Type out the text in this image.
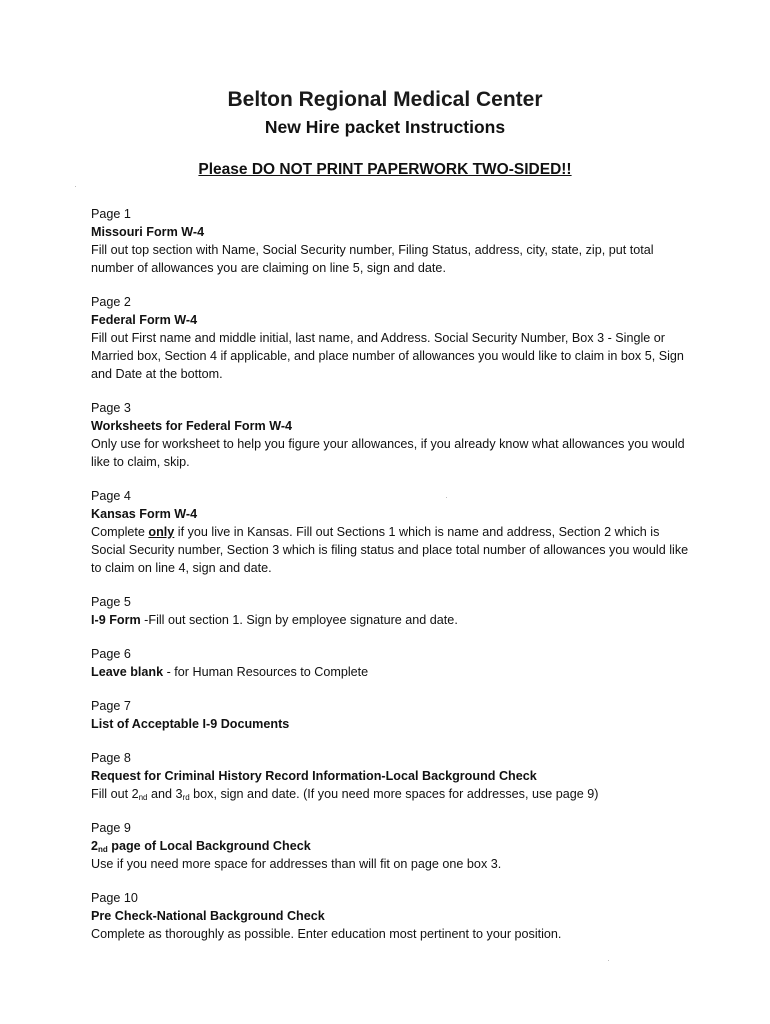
Belton Regional Medical Center
New Hire packet Instructions
Please DO NOT PRINT PAPERWORK TWO-SIDED!!

Page 1

Missouri Form W-4

Fill out top section with Name, Social Security number, Filing Status, address, city, state, zip, put total number of allowances you are claiming on line 5, sign and date.

Page 2

Federal Form W-4

Fill out First name and middle initial, last name, and Address. Social Security Number, Box 3 - Single or Married box, Section 4 if applicable, and place number of allowances you would like to claim in box 5, Sign and Date at the bottom.

Page 3

Worksheets for Federal Form W-4

Only use for worksheet to help you figure your allowances, if you already know what allowances you would like to claim, skip.

Page 4

Kansas Form W-4

Complete only if you live in Kansas. Fill out Sections 1 which is name and address, Section 2 which is Social Security number, Section 3 which is filing status and place total number of allowances you would like to claim on line 4, sign and date.

Page 5

I-9 Form -Fill out section 1. Sign by employee signature and date.

Page 6

Leave blank - for Human Resources to Complete

Page 7

List of Acceptable I-9 Documents

Page 8

Request for Criminal History Record Information-Local Background Check

Fill out $2_{nd}$ and $3_{rd}$ box, sign and date. (If you need more spaces for addresses, use page 9)

Page 9

$2_{nd}$ page of Local Background Check

Use if you need more space for addresses than will fit on page one box 3.

Page 10

Pre Check-National Background Check

Complete as thoroughly as possible. Enter education most pertinent to your position.
